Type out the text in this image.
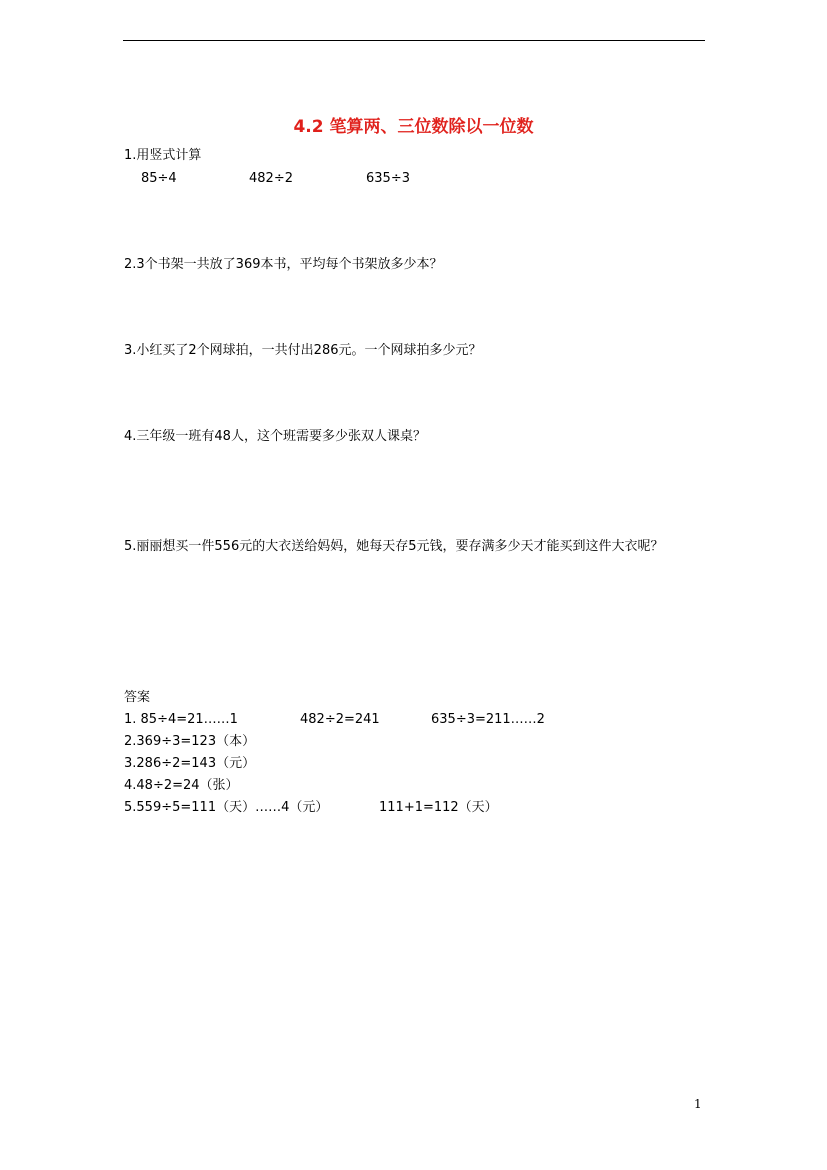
4.2 笔算两、三位数除以一位数
1.用竖式计算
85÷4	482÷2	635÷3
2.3个书架一共放了369本书，平均每个书架放多少本？
3.小红买了2个网球拍，一共付出286元。一个网球拍多少元？
4.三年级一班有48人，这个班需要多少张双人课桌？
5.丽丽想买一件556元的大衣送给妈妈，她每天存5元钱，要存满多少天才能买到这件大衣呢？
答案
1. 85÷4=21……1	482÷2=241	635÷3=211……2
2.369÷3=123（本）
3.286÷2=143（元）
4.48÷2=24（张）
5.559÷5=111（天）……4（元）	111+1=112（天）
1
